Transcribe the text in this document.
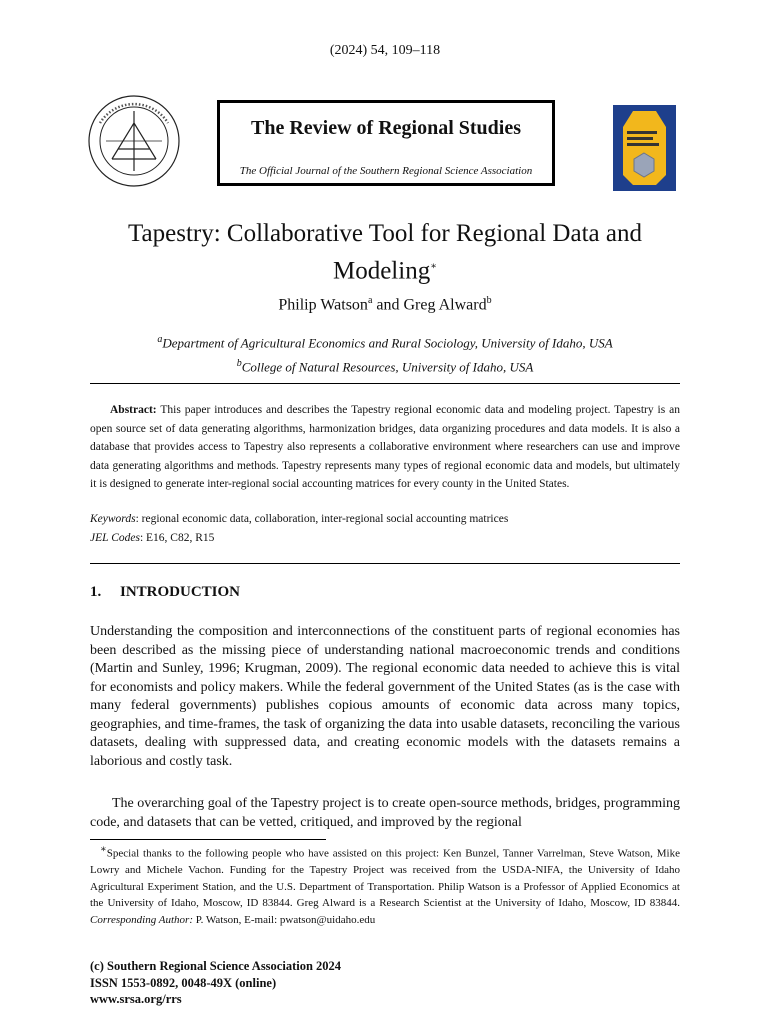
(2024) 54, 109–118
The Review of Regional Studies
The Official Journal of the Southern Regional Science Association
Tapestry: Collaborative Tool for Regional Data and Modeling∗
Philip Watson$^a$ and Greg Alward$^b$
$^a$Department of Agricultural Economics and Rural Sociology, University of Idaho, USA
$^b$College of Natural Resources, University of Idaho, USA
Abstract: This paper introduces and describes the Tapestry regional economic data and modeling project. Tapestry is an open source set of data generating algorithms, harmonization bridges, data organizing procedures and data models. It is also a database that provides access to Tapestry also represents a collaborative environment where researchers can use and improve data generating algorithms and methods. Tapestry represents many types of regional economic data and models, but ultimately it is designed to generate inter-regional social accounting matrices for every county in the United States.
Keywords: regional economic data, collaboration, inter-regional social accounting matrices
JEL Codes: E16, C82, R15
1. INTRODUCTION
Understanding the composition and interconnections of the constituent parts of regional economies has been described as the missing piece of understanding national macroeconomic trends and conditions (Martin and Sunley, 1996; Krugman, 2009). The regional economic data needed to achieve this is vital for economists and policy makers. While the federal government of the United States (as is the case with many federal governments) publishes copious amounts of economic data across many topics, geographies, and time-frames, the task of organizing the data into usable datasets, reconciling the various datasets, dealing with suppressed data, and creating economic models with the datasets remains a laborious and costly task.
The overarching goal of the Tapestry project is to create open-source methods, bridges, programming code, and datasets that can be vetted, critiqued, and improved by the regional
∗Special thanks to the following people who have assisted on this project: Ken Bunzel, Tanner Varrelman, Steve Watson, Mike Lowry and Michele Vachon. Funding for the Tapestry Project was received from the USDA-NIFA, the University of Idaho Agricultural Experiment Station, and the U.S. Department of Transportation. Philip Watson is a Professor of Applied Economics at the University of Idaho, Moscow, ID 83844. Greg Alward is a Research Scientist at the University of Idaho, Moscow, ID 83844. Corresponding Author: P. Watson, E-mail: pwatson@uidaho.edu
(c) Southern Regional Science Association 2024
ISSN 1553-0892, 0048-49X (online)
www.srsa.org/rrs
